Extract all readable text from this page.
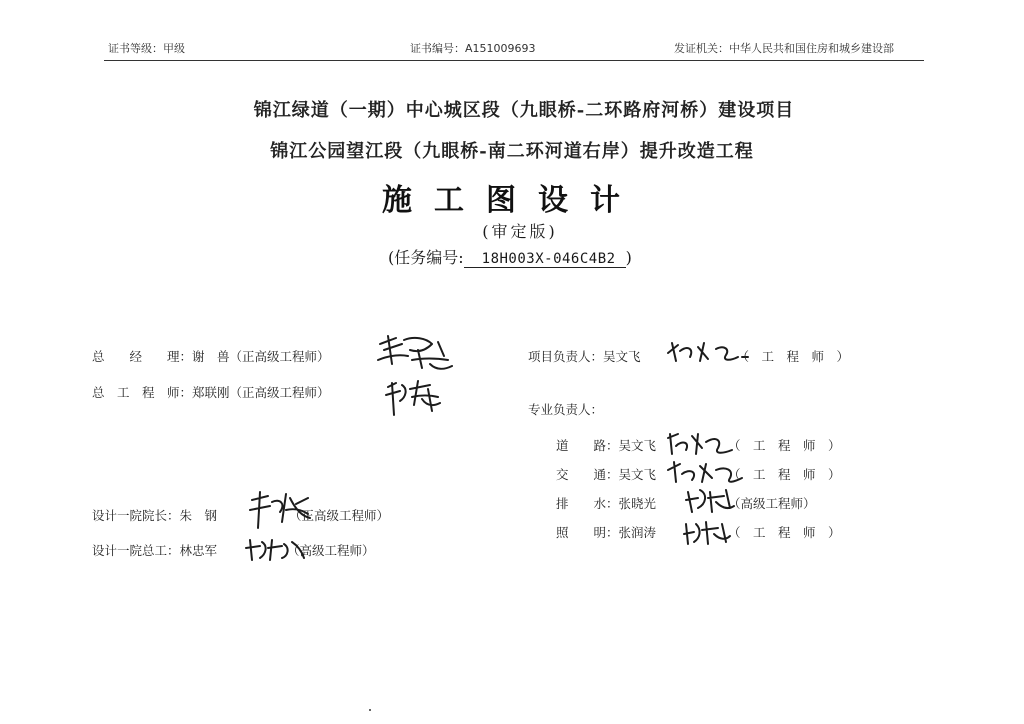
证书等级：甲级	证书编号：A151009693	发证机关：中华人民共和国住房和城乡建设部
锦江绿道（一期）中心城区段（九眼桥-二环路府河桥）建设项目
锦江公园望江段（九眼桥-南二环河道右岸）提升改造工程
施工图设计
(审定版)
(任务编号: 18H003X-046C4B2 )
总　　经　　理：谢　兽（正高级工程师）
总　工　程　师：郑联刚（正高级工程师）
项目负责人：吴文飞	（　工　程　师　）
专业负责人：
道　　路：吴文飞	（　工　程　师　）
交　　通：吴文飞	（　工　程　师　）
排　　水：张晓光	（高级工程师）
照　　明：张润涛	（　工　程　师　）
设计一院院长：朱　钢	（正高级工程师）
设计一院总工：林忠军	（高级工程师）
